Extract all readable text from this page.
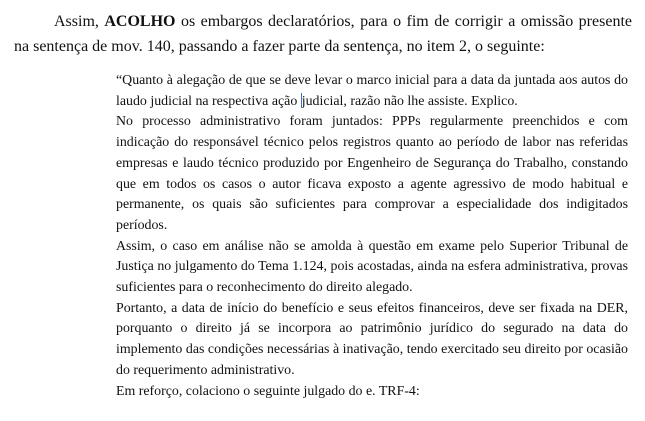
Assim, ACOLHO os embargos declaratórios, para o fim de corrigir a omissão presente na sentença de mov. 140, passando a fazer parte da sentença, no item 2, o seguinte:

“Quanto à alegação de que se deve levar o marco inicial para a data da juntada aos autos do laudo judicial na respectiva ação judicial, razão não lhe assiste. Explico.

No processo administrativo foram juntados: PPPs regularmente preenchidos e com indicação do responsável técnico pelos registros quanto ao período de labor nas referidas empresas e laudo técnico produzido por Engenheiro de Segurança do Trabalho, constando que em todos os casos o autor ficava exposto a agente agressivo de modo habitual e permanente, os quais são suficientes para comprovar a especialidade dos indigitados períodos.

Assim, o caso em análise não se amolda à questão em exame pelo Superior Tribunal de Justiça no julgamento do Tema 1.124, pois acostadas, ainda na esfera administrativa, provas suficientes para o reconhecimento do direito alegado.

Portanto, a data de início do benefício e seus efeitos financeiros, deve ser fixada na DER, porquanto o direito já se incorpora ao patrimônio jurídico do segurado na data do implemento das condições necessárias à inativação, tendo exercitado seu direito por ocasião do requerimento administrativo.

Em reforço, colaciono o seguinte julgado do e. TRF-4:
